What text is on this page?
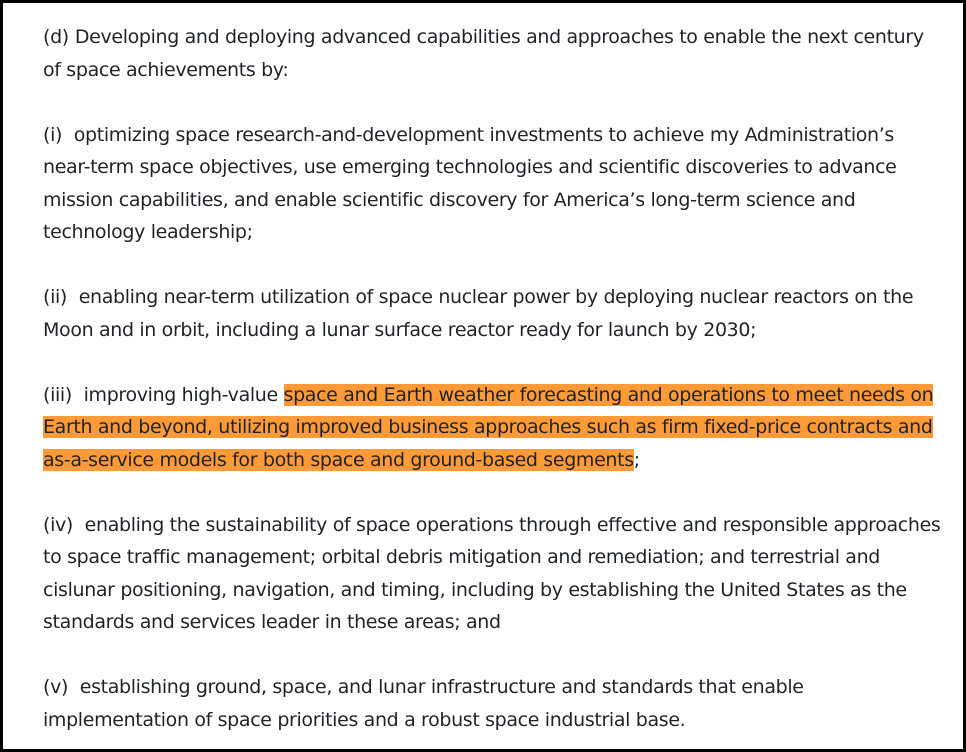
(d) Developing and deploying advanced capabilities and approaches to enable the next century of space achievements by:

(i) optimizing space research-and-development investments to achieve my Administration’s near-term space objectives, use emerging technologies and scientific discoveries to advance mission capabilities, and enable scientific discovery for America’s long-term science and technology leadership;

(ii) enabling near-term utilization of space nuclear power by deploying nuclear reactors on the Moon and in orbit, including a lunar surface reactor ready for launch by 2030;

(iii) improving high-value space and Earth weather forecasting and operations to meet needs on Earth and beyond, utilizing improved business approaches such as firm fixed-price contracts and as-a-service models for both space and ground-based segments;

(iv) enabling the sustainability of space operations through effective and responsible approaches to space traffic management; orbital debris mitigation and remediation; and terrestrial and cislunar positioning, navigation, and timing, including by establishing the United States as the standards and services leader in these areas; and

(v) establishing ground, space, and lunar infrastructure and standards that enable implementation of space priorities and a robust space industrial base.
